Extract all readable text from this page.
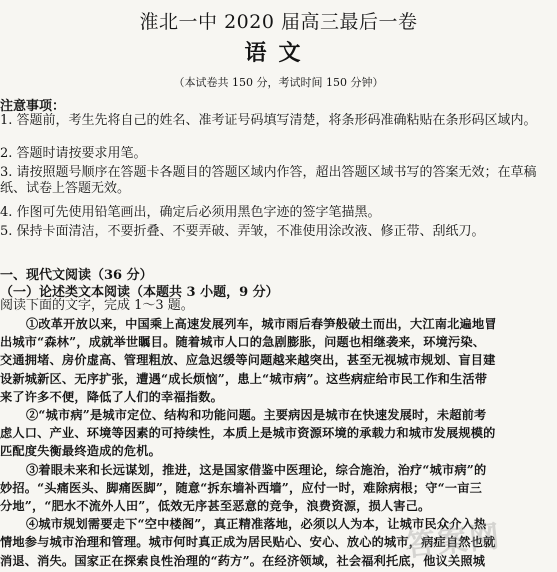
淮北一中 2020 届高三最后一卷
语文
（本试卷共 150 分，考试时间 150 分钟）
注意事项：
1. 答题前，考生先将自己的姓名、准考证号码填写清楚，将条形码准确粘贴在条形码区域内。
2. 答题时请按要求用笔。
3. 请按照题号顺序在答题卡各题目的答题区域内作答，超出答题区域书写的答案无效；在草稿纸、试卷上答题无效。
4. 作图可先使用铅笔画出，确定后必须用黑色字迹的签字笔描黑。
5. 保持卡面清洁，不要折叠、不要弄破、弄皱，不准使用涂改液、修正带、刮纸刀。
一、现代文阅读（36 分）
（一）论述类文本阅读（本题共 3 小题，9 分）
阅读下面的文字，完成 1～3 题。
①改革开放以来，中国乘上高速发展列车，城市雨后春笋般破土而出，大江南北遍地冒
出城市“森林”，成就举世瞩目。随着城市人口的急剧膨胀，问题也相继袭来，环境污染、
交通拥堵、房价虚高、管理粗放、应急迟缓等问题越来越突出，甚至无视城市规划、盲目建
设新城新区、无序扩张，遭遇“成长烦恼”，患上“城市病”。这些病症给市民工作和生活带
来了许多不便，降低了人们的幸福指数。
②“城市病”是城市定位、结构和功能问题。主要病因是城市在快速发展时，未超前考
虑人口、产业、环境等因素的可持续性，本质上是城市资源环境的承载力和城市发展规模的
匹配度失衡最终造成的危机。
③着眼未来和长远谋划，推进，这是国家借鉴中医理论，综合施治，治疗“城市病”的
妙招。“头痛医头、脚痛医脚”，随意“拆东墙补西墙”，应付一时，难除病根；守“一亩三
分地”，“肥水不流外人田”，低效无序甚至恶意的竞争，浪费资源，损人害己。
④城市规划需要走下“空中楼阁”，真正精准落地，必须以人为本，让城市民众介入热
情地参与城市治理和管理。城市何时真正成为居民贴心、安心、放心的城市，病症自然也就
消退、消失。国家正在探索良性治理的“药方”。在经济领域，社会福利托底，他议关照城
答案网
